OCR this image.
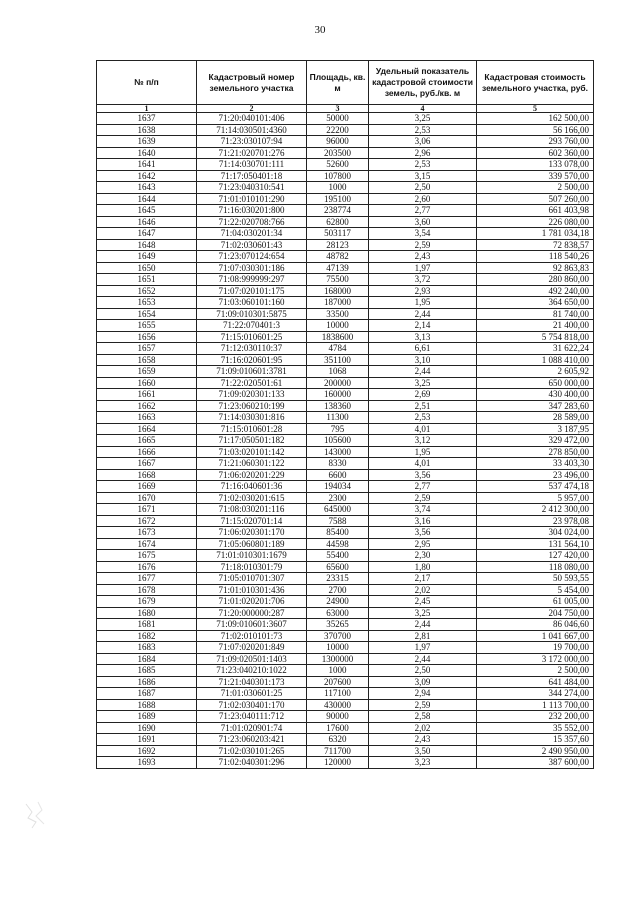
30
№ п/п	Кадастровый номер земельного участка	Площадь, кв. м	Удельный показатель кадастровой стоимости земель, руб./кв. м	Кадастровая стоимость земельного участка, руб.
1	2	3	4	5
1637	71:20:040101:406	50000	3,25	162 500,00
1638	71:14:030501:4360	22200	2,53	56 166,00
1639	71:23:030107:94	96000	3,06	293 760,00
1640	71:21:020701:276	203500	2,96	602 360,00
1641	71:14:030701:111	52600	2,53	133 078,00
1642	71:17:050401:18	107800	3,15	339 570,00
1643	71:23:040310:541	1000	2,50	2 500,00
1644	71:01:010101:290	195100	2,60	507 260,00
1645	71:16:030201:800	238774	2,77	661 403,98
1646	71:22:020708:766	62800	3,60	226 080,00
1647	71:04:030201:34	503117	3,54	1 781 034,18
1648	71:02:030601:43	28123	2,59	72 838,57
1649	71:23:070124:654	48782	2,43	118 540,26
1650	71:07:030301:186	47139	1,97	92 863,83
1651	71:08:999999:297	75500	3,72	280 860,00
1652	71:07:020101:175	168000	2,93	492 240,00
1653	71:03:060101:160	187000	1,95	364 650,00
1654	71:09:010301:5875	33500	2,44	81 740,00
1655	71:22:070401:3	10000	2,14	21 400,00
1656	71:15:010601:25	1838600	3,13	5 754 818,00
1657	71:12:030110:37	4784	6,61	31 622,24
1658	71:16:020601:95	351100	3,10	1 088 410,00
1659	71:09:010601:3781	1068	2,44	2 605,92
1660	71:22:020501:61	200000	3,25	650 000,00
1661	71:09:020301:133	160000	2,69	430 400,00
1662	71:23:060210:199	138360	2,51	347 283,60
1663	71:14:030301:816	11300	2,53	28 589,00
1664	71:15:010601:28	795	4,01	3 187,95
1665	71:17:050501:182	105600	3,12	329 472,00
1666	71:03:020101:142	143000	1,95	278 850,00
1667	71:21:060301:122	8330	4,01	33 403,30
1668	71:06:020201:229	6600	3,56	23 496,00
1669	71:16:040601:36	194034	2,77	537 474,18
1670	71:02:030201:615	2300	2,59	5 957,00
1671	71:08:030201:116	645000	3,74	2 412 300,00
1672	71:15:020701:14	7588	3,16	23 978,08
1673	71:06:020301:170	85400	3,56	304 024,00
1674	71:05:060801:189	44598	2,95	131 564,10
1675	71:01:010301:1679	55400	2,30	127 420,00
1676	71:18:010301:79	65600	1,80	118 080,00
1677	71:05:010701:307	23315	2,17	50 593,55
1678	71:01:010301:436	2700	2,02	5 454,00
1679	71:01:020201:706	24900	2,45	61 005,00
1680	71:20:000000:287	63000	3,25	204 750,00
1681	71:09:010601:3607	35265	2,44	86 046,60
1682	71:02:010101:73	370700	2,81	1 041 667,00
1683	71:07:020201:849	10000	1,97	19 700,00
1684	71:09:020501:1403	1300000	2,44	3 172 000,00
1685	71:23:040210:1022	1000	2,50	2 500,00
1686	71:21:040301:173	207600	3,09	641 484,00
1687	71:01:030601:25	117100	2,94	344 274,00
1688	71:02:030401:170	430000	2,59	1 113 700,00
1689	71:23:040111:712	90000	2,58	232 200,00
1690	71:01:020901:74	17600	2,02	35 552,00
1691	71:23:060203:421	6320	2,43	15 357,60
1692	71:02:030101:265	711700	3,50	2 490 950,00
1693	71:02:040301:296	120000	3,23	387 600,00
